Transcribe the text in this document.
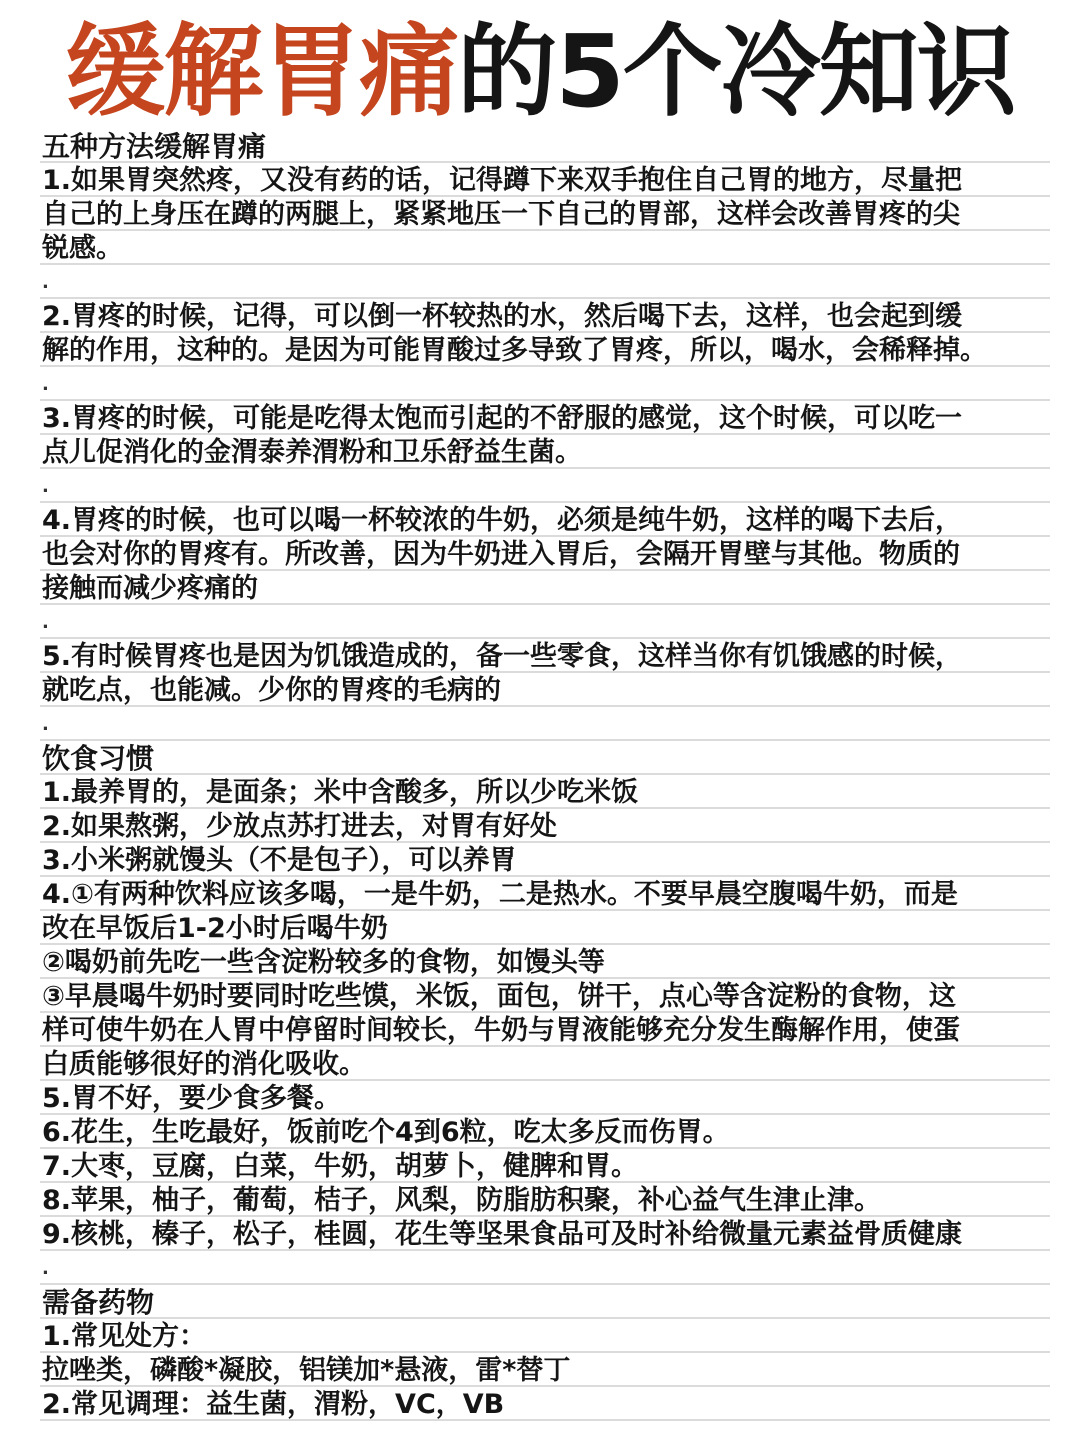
缓解胃痛的5个冷知识
五种方法缓解胃痛
1.如果胃突然疼，又没有药的话，记得蹲下来双手抱住自己胃的地方，尽量把
自己的上身压在蹲的两腿上，紧紧地压一下自己的胃部，这样会改善胃疼的尖
锐感。
.
2.胃疼的时候，记得，可以倒一杯较热的水，然后喝下去，这样，也会起到缓
解的作用，这种的。是因为可能胃酸过多导致了胃疼，所以，喝水，会稀释掉。
.
3.胃疼的时候，可能是吃得太饱而引起的不舒服的感觉，这个时候，可以吃一
点儿促消化的金渭泰养渭粉和卫乐舒益生菌。
.
4.胃疼的时候，也可以喝一杯较浓的牛奶，必须是纯牛奶，这样的喝下去后，
也会对你的胃疼有。所改善，因为牛奶进入胃后，会隔开胃壁与其他。物质的
接触而减少疼痛的
.
5.有时候胃疼也是因为饥饿造成的，备一些零食，这样当你有饥饿感的时候，
就吃点，也能减。少你的胃疼的毛病的
.
饮食习惯
1.最养胃的，是面条；米中含酸多，所以少吃米饭
2.如果熬粥，少放点苏打进去，对胃有好处
3.小米粥就馒头（不是包子），可以养胃
4.①有两种饮料应该多喝，一是牛奶，二是热水。不要早晨空腹喝牛奶，而是
改在早饭后1-2小时后喝牛奶
②喝奶前先吃一些含淀粉较多的食物，如馒头等
③早晨喝牛奶时要同时吃些馍，米饭，面包，饼干，点心等含淀粉的食物，这
样可使牛奶在人胃中停留时间较长，牛奶与胃液能够充分发生酶解作用，使蛋
白质能够很好的消化吸收。
5.胃不好，要少食多餐。
6.花生，生吃最好，饭前吃个4到6粒，吃太多反而伤胃。
7.大枣，豆腐，白菜，牛奶，胡萝卜，健脾和胃。
8.苹果，柚子，葡萄，桔子，风梨，防脂肪积聚，补心益气生津止津。
9.核桃，榛子，松子，桂圆，花生等坚果食品可及时补给微量元素益骨质健康
.
需备药物
1.常见处方：
拉唑类，磷酸*凝胶，铝镁加*悬液，雷*替丁
2.常见调理：益生菌，渭粉，VC，VB
